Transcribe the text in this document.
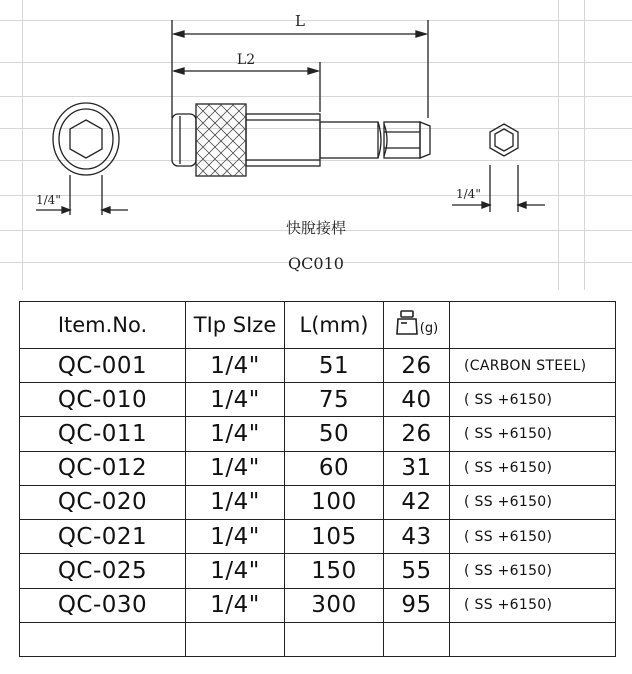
L
L2
1/4"	1/4"
快脫接桿
QC010
Item.No.	TIp SIze	L(mm)	(g)	

QC-001	1/4"	51	26	(CARBON STEEL)
QC-010	1/4"	75	40	( SS +6150)
QC-011	1/4"	50	26	( SS +6150)
QC-012	1/4"	60	31	( SS +6150)
QC-020	1/4"	100	42	( SS +6150)
QC-021	1/4"	105	43	( SS +6150)
QC-025	1/4"	150	55	( SS +6150)
QC-030	1/4"	300	95	( SS +6150)
